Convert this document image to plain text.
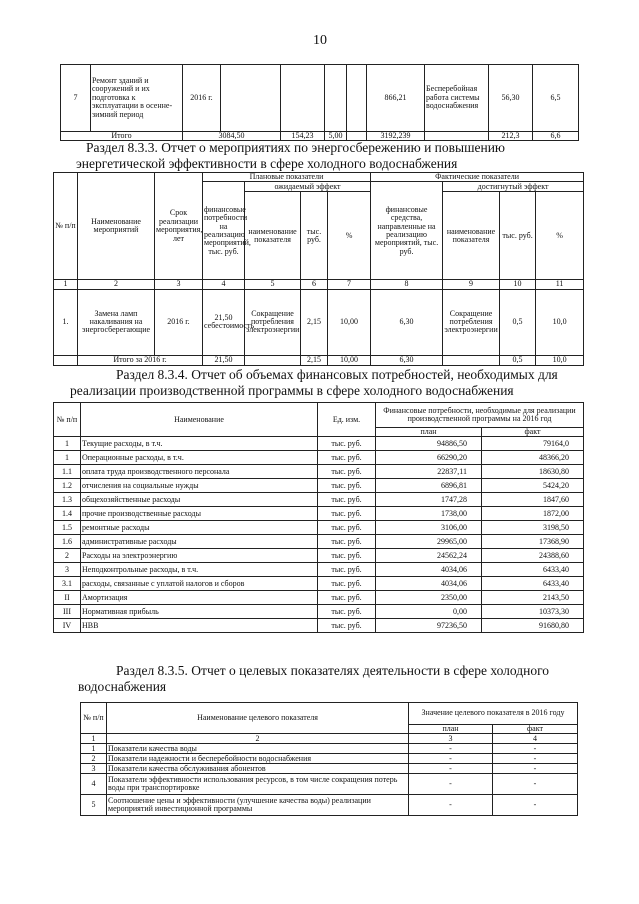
10
7	Ремонт зданий и сооружений и их подготовка к эксплуатации в осенне-зимний период	2016 г.					866,21	Бесперебойная работа системы водоснабжения	56,30	6,5
Итого		3084,50		154,23	5,00		3192,239		212,3	6,6
Раздел 8.3.3. Отчет о мероприятиях по энергосбережению и повышению энергетической эффективности в сфере холодного водоснабжения
№ п/п	Наименование мероприятий	Срок реализации мероприятия, лет	Плановые показатели				Фактические показатели			
			финансовые потребности на реализацию мероприятий, тыс. руб.	ожидаемый эффект			финансовые средства, направленные на реализацию мероприятий, тыс. руб.	достигнутый эффект		
				наименование показателя	тыс. руб.	%		наименование показателя	тыс. руб.	%
1	2	3	4	5	6	7	8	9	10	11
1.	Замена ламп накаливания на энергосберегающие	2016 г.	21,50 себестоимость	Сокращение потребления электроэнергии	2,15	10,00	6,30	Сокращение потребления электроэнергии	0,5	10,0
	Итого за 2016 г.		21,50		2,15	10,00	6,30		0,5	10,0
Раздел 8.3.4. Отчет об объемах финансовых потребностей, необходимых для реализации производственной программы в сфере холодного водоснабжения
№ п/п	Наименование	Ед. изм.	Финансовые потребности, необходимые для реализации производственной программы на 2016 год	
			план	факт
1	Текущие расходы, в т.ч.	тыс. руб.	94886,50	79164,0
1	Операционные расходы, в т.ч.	тыс. руб.	66290,20	48366,20
1.1	оплата труда производственного персонала	тыс. руб.	22837,11	18630,80
1.2	отчисления на социальные нужды	тыс. руб.	6896,81	5424,20
1.3	общехозяйственные расходы	тыс. руб.	1747,28	1847,60
1.4	прочие производственные расходы	тыс. руб.	1738,00	1872,00
1.5	ремонтные расходы	тыс. руб.	3106,00	3198,50
1.6	административные расходы	тыс. руб.	29965,00	17368,90
2	Расходы на электроэнергию	тыс. руб.	24562,24	24388,60
3	Неподконтрольные расходы, в т.ч.	тыс. руб.	4034,06	6433,40
3.1	расходы, связанные с уплатой налогов и сборов	тыс. руб.	4034,06	6433,40
II	Амортизация	тыс. руб.	2350,00	2143,50
III	Нормативная прибыль	тыс. руб.	0,00	10373,30
IV	НВВ	тыс. руб.	97236,50	91680,80
Раздел 8.3.5. Отчет о целевых показателях деятельности в сфере холодного водоснабжения
№ п/п	Наименование целевого показателя	Значение целевого показателя в 2016 году	
		план	факт
1	2	3	4
1	Показатели качества воды	-	-
2	Показатели надежности и бесперебойности водоснабжения	-	-
3	Показатели качества обслуживания абонентов	-	-
4	Показатели эффективности использования ресурсов, в том числе сокращения потерь воды при транспортировке	-	-
5	Соотношение цены и эффективности (улучшение качества воды) реализации мероприятий инвестиционной программы	-	-
